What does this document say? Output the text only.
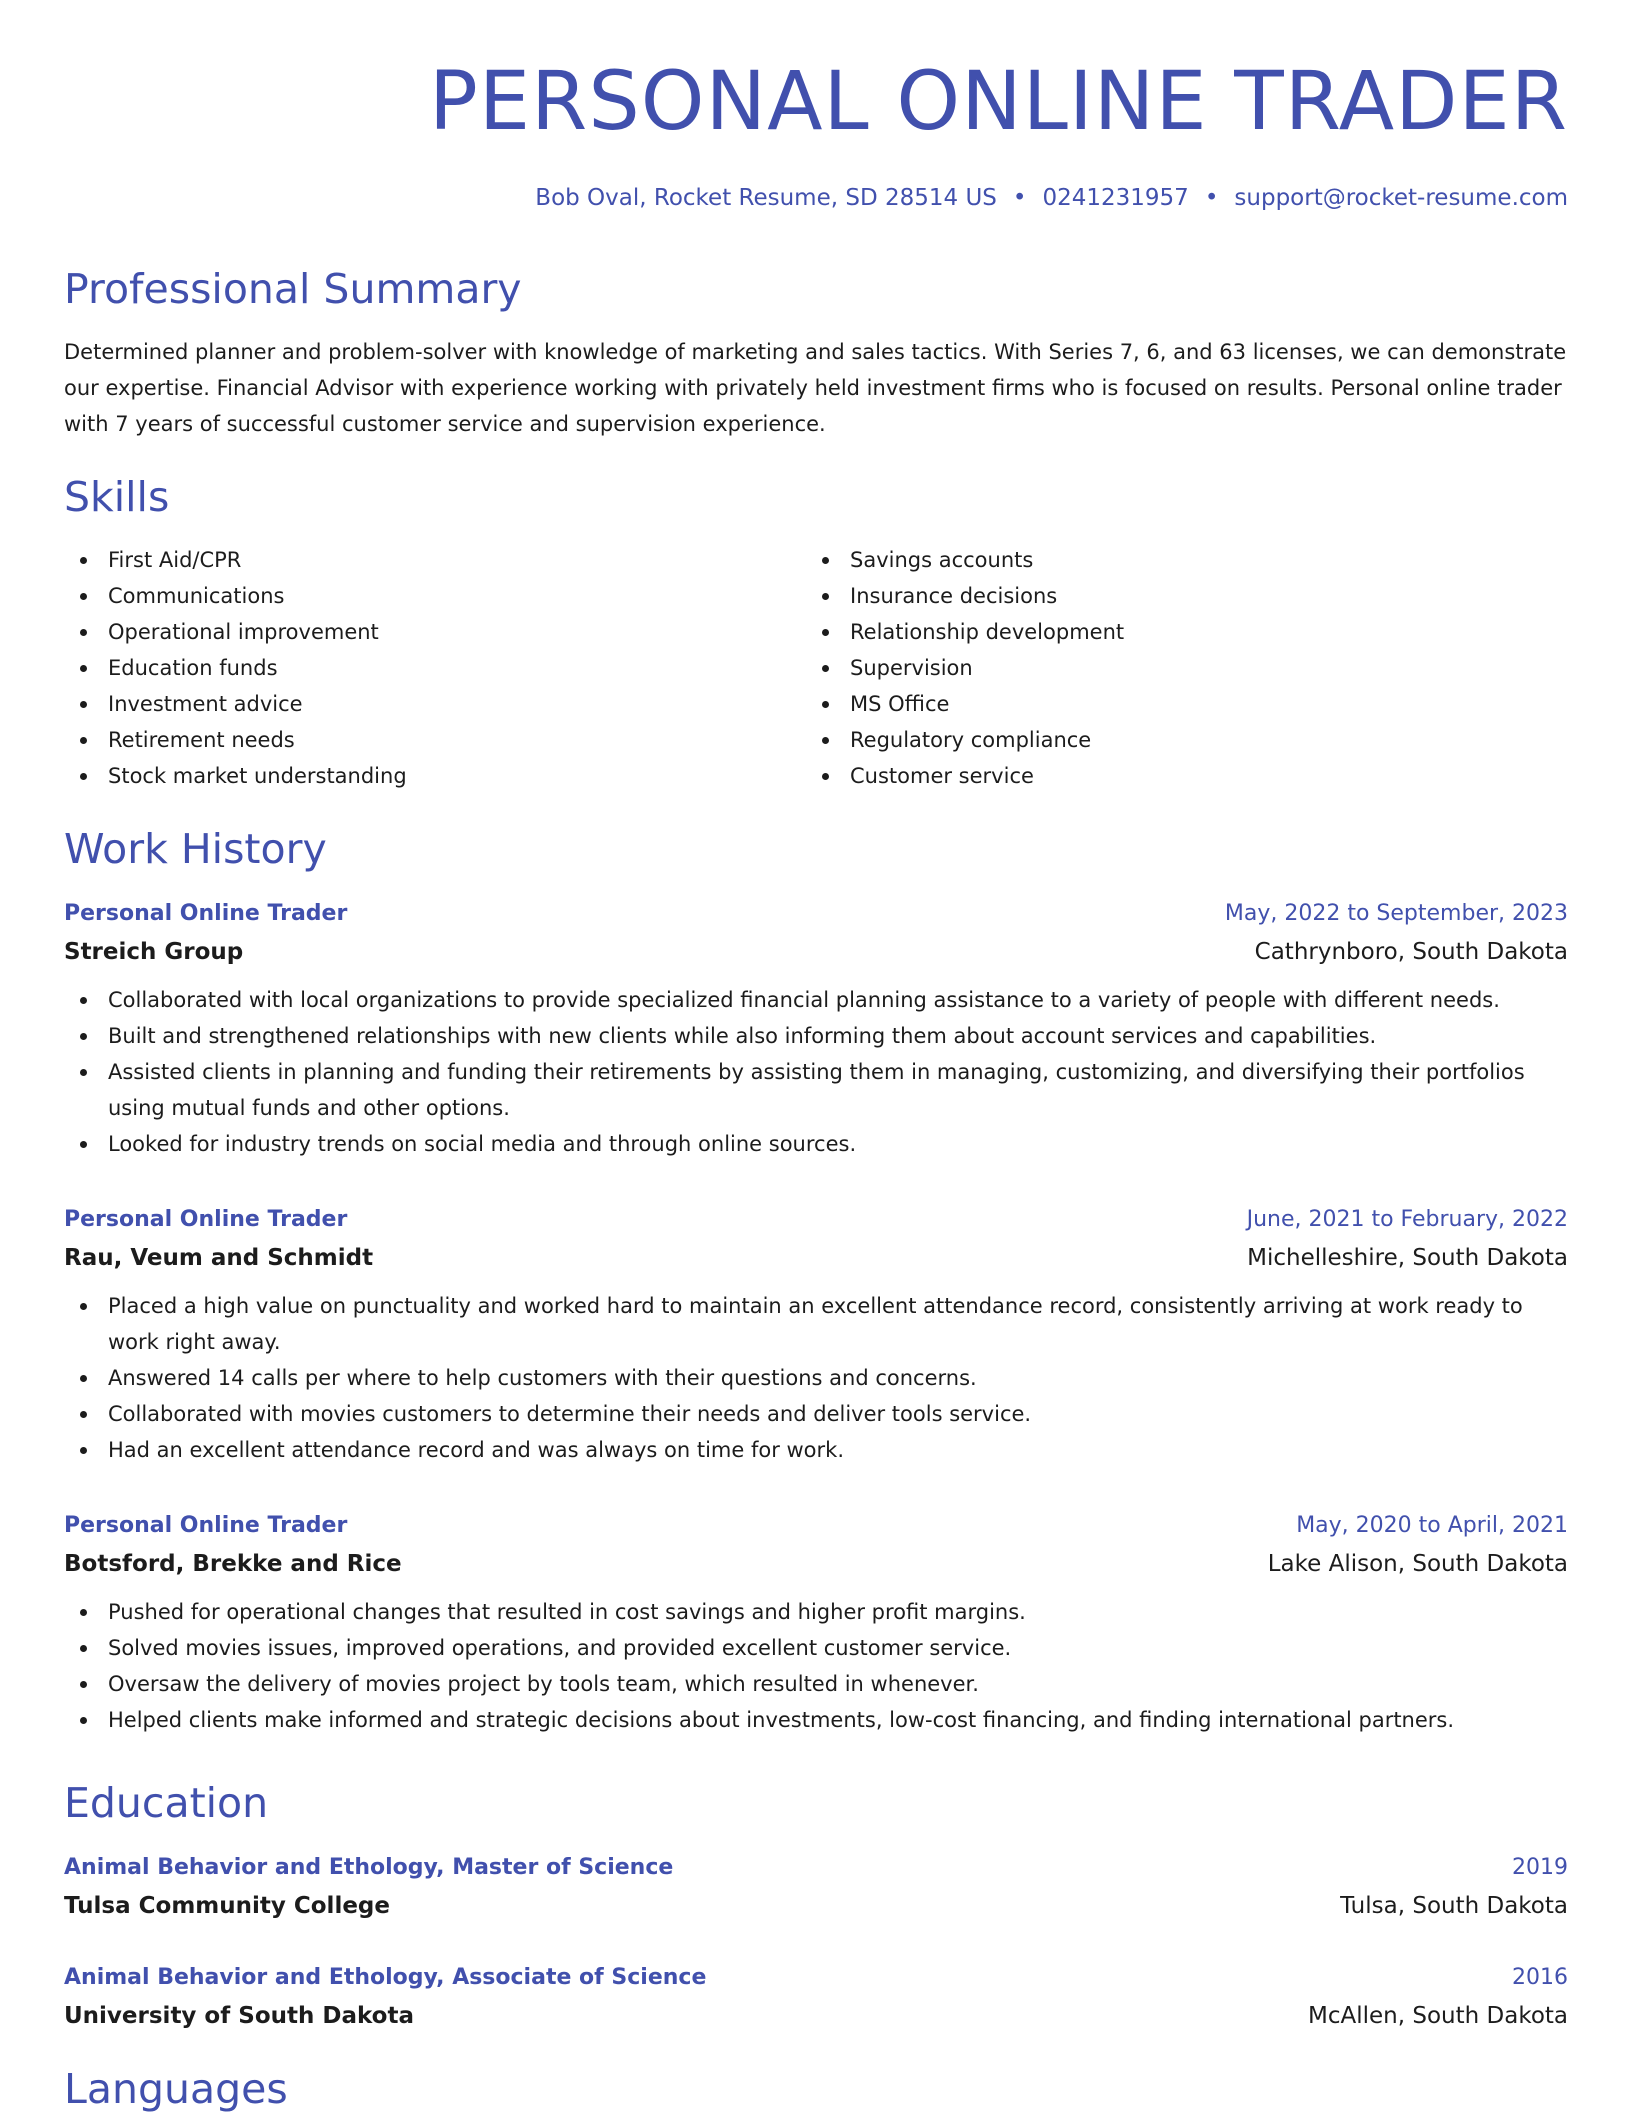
PERSONAL ONLINE TRADER
Bob Oval, Rocket Resume, SD 28514 US • 0241231957 • support@rocket-resume.com
Professional Summary

Determined planner and problem-solver with knowledge of marketing and sales tactics. With Series 7, 6, and 63 licenses, we can demonstrate our expertise. Financial Advisor with experience working with privately held investment firms who is focused on results. Personal online trader with 7 years of successful customer service and supervision experience.

Skills
First Aid/CPR
Communications
Operational improvement
Education funds
Investment advice
Retirement needs
Stock market understanding
Savings accounts
Insurance decisions
Relationship development
Supervision
MS Office
Regulatory compliance
Customer service
Work History
Personal Online Trader	May, 2022 to September, 2023
Streich Group	Cathrynboro, South Dakota
Collaborated with local organizations to provide specialized financial planning assistance to a variety of people with different needs.
Built and strengthened relationships with new clients while also informing them about account services and capabilities.
Assisted clients in planning and funding their retirements by assisting them in managing, customizing, and diversifying their portfolios using mutual funds and other options.
Looked for industry trends on social media and through online sources.
Personal Online Trader	June, 2021 to February, 2022
Rau, Veum and Schmidt	Michelleshire, South Dakota
Placed a high value on punctuality and worked hard to maintain an excellent attendance record, consistently arriving at work ready to work right away.
Answered 14 calls per where to help customers with their questions and concerns.
Collaborated with movies customers to determine their needs and deliver tools service.
Had an excellent attendance record and was always on time for work.
Personal Online Trader	May, 2020 to April, 2021
Botsford, Brekke and Rice	Lake Alison, South Dakota
Pushed for operational changes that resulted in cost savings and higher profit margins.
Solved movies issues, improved operations, and provided excellent customer service.
Oversaw the delivery of movies project by tools team, which resulted in whenever.
Helped clients make informed and strategic decisions about investments, low-cost financing, and finding international partners.
Education
Animal Behavior and Ethology, Master of Science	2019
Tulsa Community College	Tulsa, South Dakota
Animal Behavior and Ethology, Associate of Science	2016
University of South Dakota	McAllen, South Dakota
Languages
